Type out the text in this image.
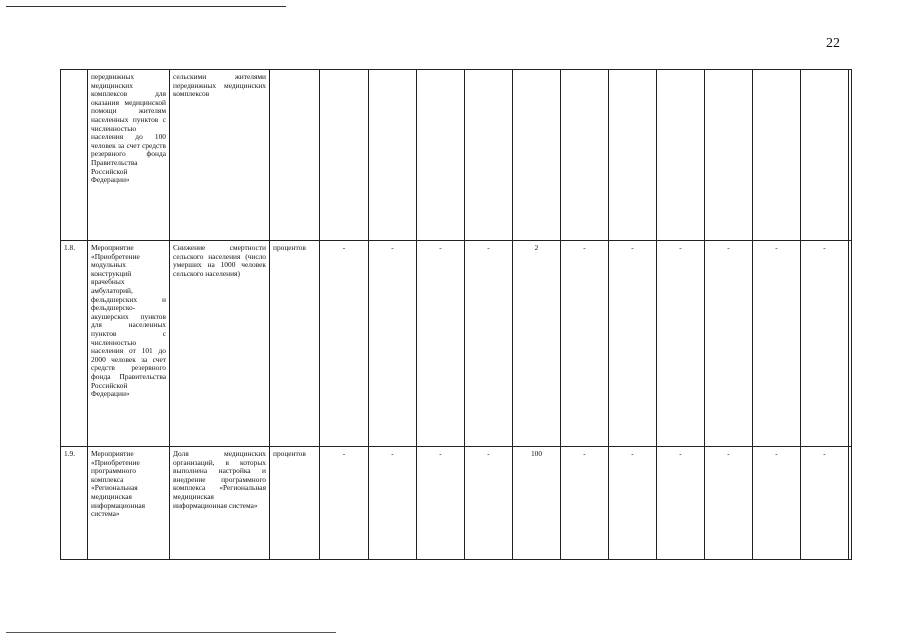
22
	передвижных медицинских комплексов для оказания медицинской помощи жителям населенных пунктов с численностью населения до 100 человек за счет средств резервного фонда Правительства Российской Федерации»	сельскими жителями передвижных медицинских комплексов													
1.8.	Мероприятие «Приобретение модульных конструкций врачебных амбулаторий, фельдшерских и фельдшерско-акушерских пунктов для населенных пунктов с численностью населения от 101 до 2000 человек за счет средств резервного фонда Правительства Российской Федерации»	Снижение смертности сельского населения (число умерших на 1000 человек сельского населения)	процентов	-	-	-	-	2	-	-	-	-	-	-	
1.9.	Мероприятие «Приобретение программного комплекса «Региональная медицинская информационная система»	Доля медицинских организаций, в которых выполнена настройка и внедрение программного комплекса «Региональная медицинская информационная система»	процентов	-	-	-	-	100	-	-	-	-	-	-	
